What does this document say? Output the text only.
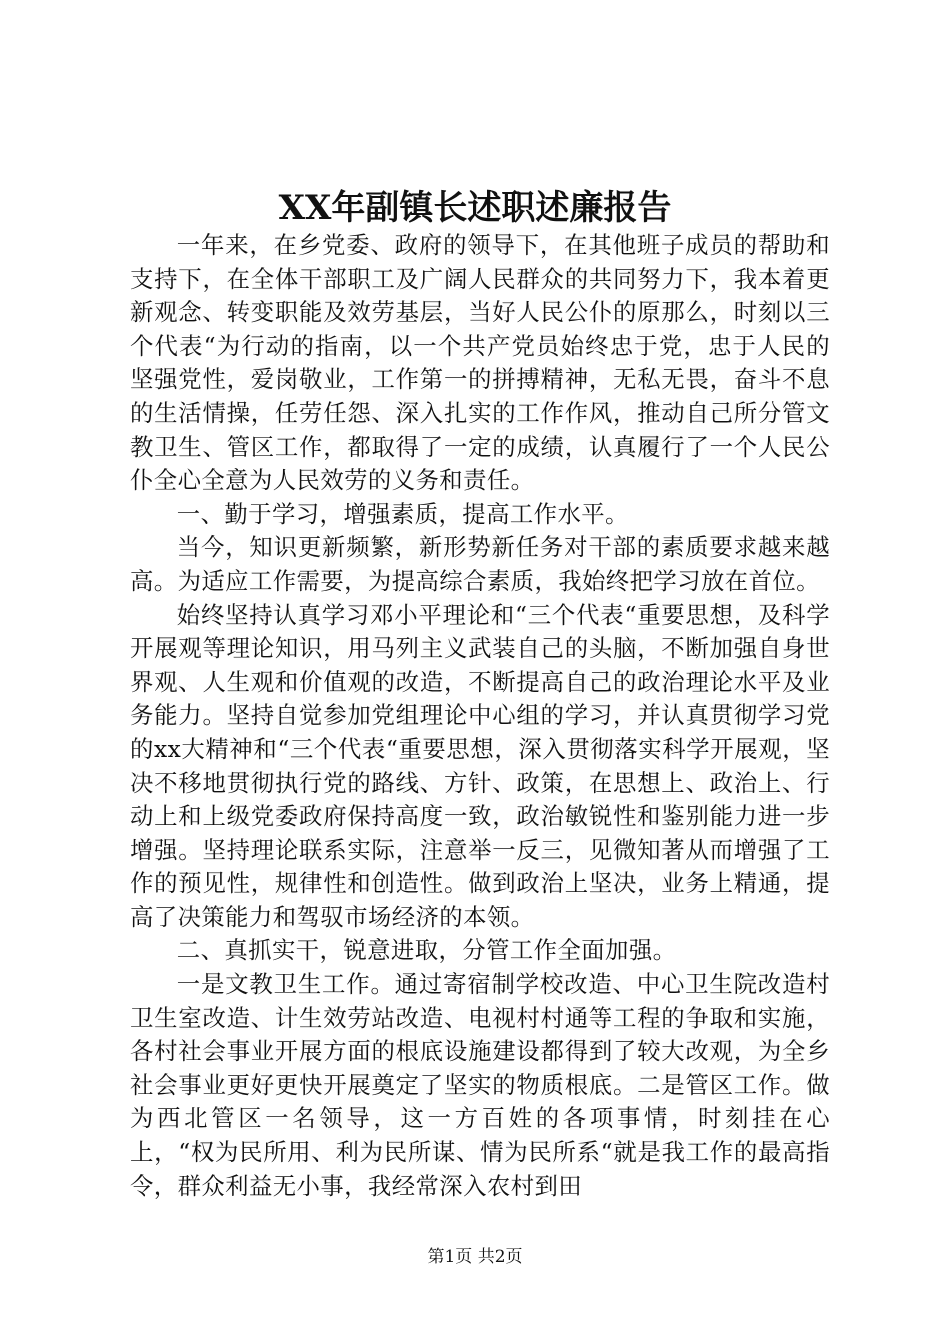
XX年副镇长述职述廉报告

一年来，在乡党委、政府的领导下，在其他班子成员的帮助和支持下，在全体干部职工及广阔人民群众的共同努力下，我本着更新观念、转变职能及效劳基层，当好人民公仆的原那么，时刻以三个代表“为行动的指南，以一个共产党员始终忠于党，忠于人民的坚强党性，爱岗敬业，工作第一的拼搏精神，无私无畏，奋斗不息的生活情操，任劳任怨、深入扎实的工作作风，推动自己所分管文教卫生、管区工作，都取得了一定的成绩，认真履行了一个人民公仆全心全意为人民效劳的义务和责任。

一、勤于学习，增强素质，提高工作水平。

当今，知识更新频繁，新形势新任务对干部的素质要求越来越高。为适应工作需要，为提高综合素质，我始终把学习放在首位。

始终坚持认真学习邓小平理论和“三个代表“重要思想，及科学开展观等理论知识，用马列主义武装自己的头脑，不断加强自身世界观、人生观和价值观的改造，不断提高自己的政治理论水平及业务能力。坚持自觉参加党组理论中心组的学习，并认真贯彻学习党的xx大精神和“三个代表“重要思想，深入贯彻落实科学开展观，坚决不移地贯彻执行党的路线、方针、政策，在思想上、政治上、行动上和上级党委政府保持高度一致，政治敏锐性和鉴别能力进一步增强。坚持理论联系实际，注意举一反三，见微知著从而增强了工作的预见性，规律性和创造性。做到政治上坚决，业务上精通，提高了决策能力和驾驭市场经济的本领。

二、真抓实干，锐意进取，分管工作全面加强。

一是文教卫生工作。通过寄宿制学校改造、中心卫生院改造村卫生室改造、计生效劳站改造、电视村村通等工程的争取和实施，各村社会事业开展方面的根底设施建设都得到了较大改观，为全乡社会事业更好更快开展奠定了坚实的物质根底。二是管区工作。做为西北管区一名领导，这一方百姓的各项事情，时刻挂在心上，“权为民所用、利为民所谋、情为民所系“就是我工作的最高指令，群众利益无小事，我经常深入农村到田

第1页 共2页
